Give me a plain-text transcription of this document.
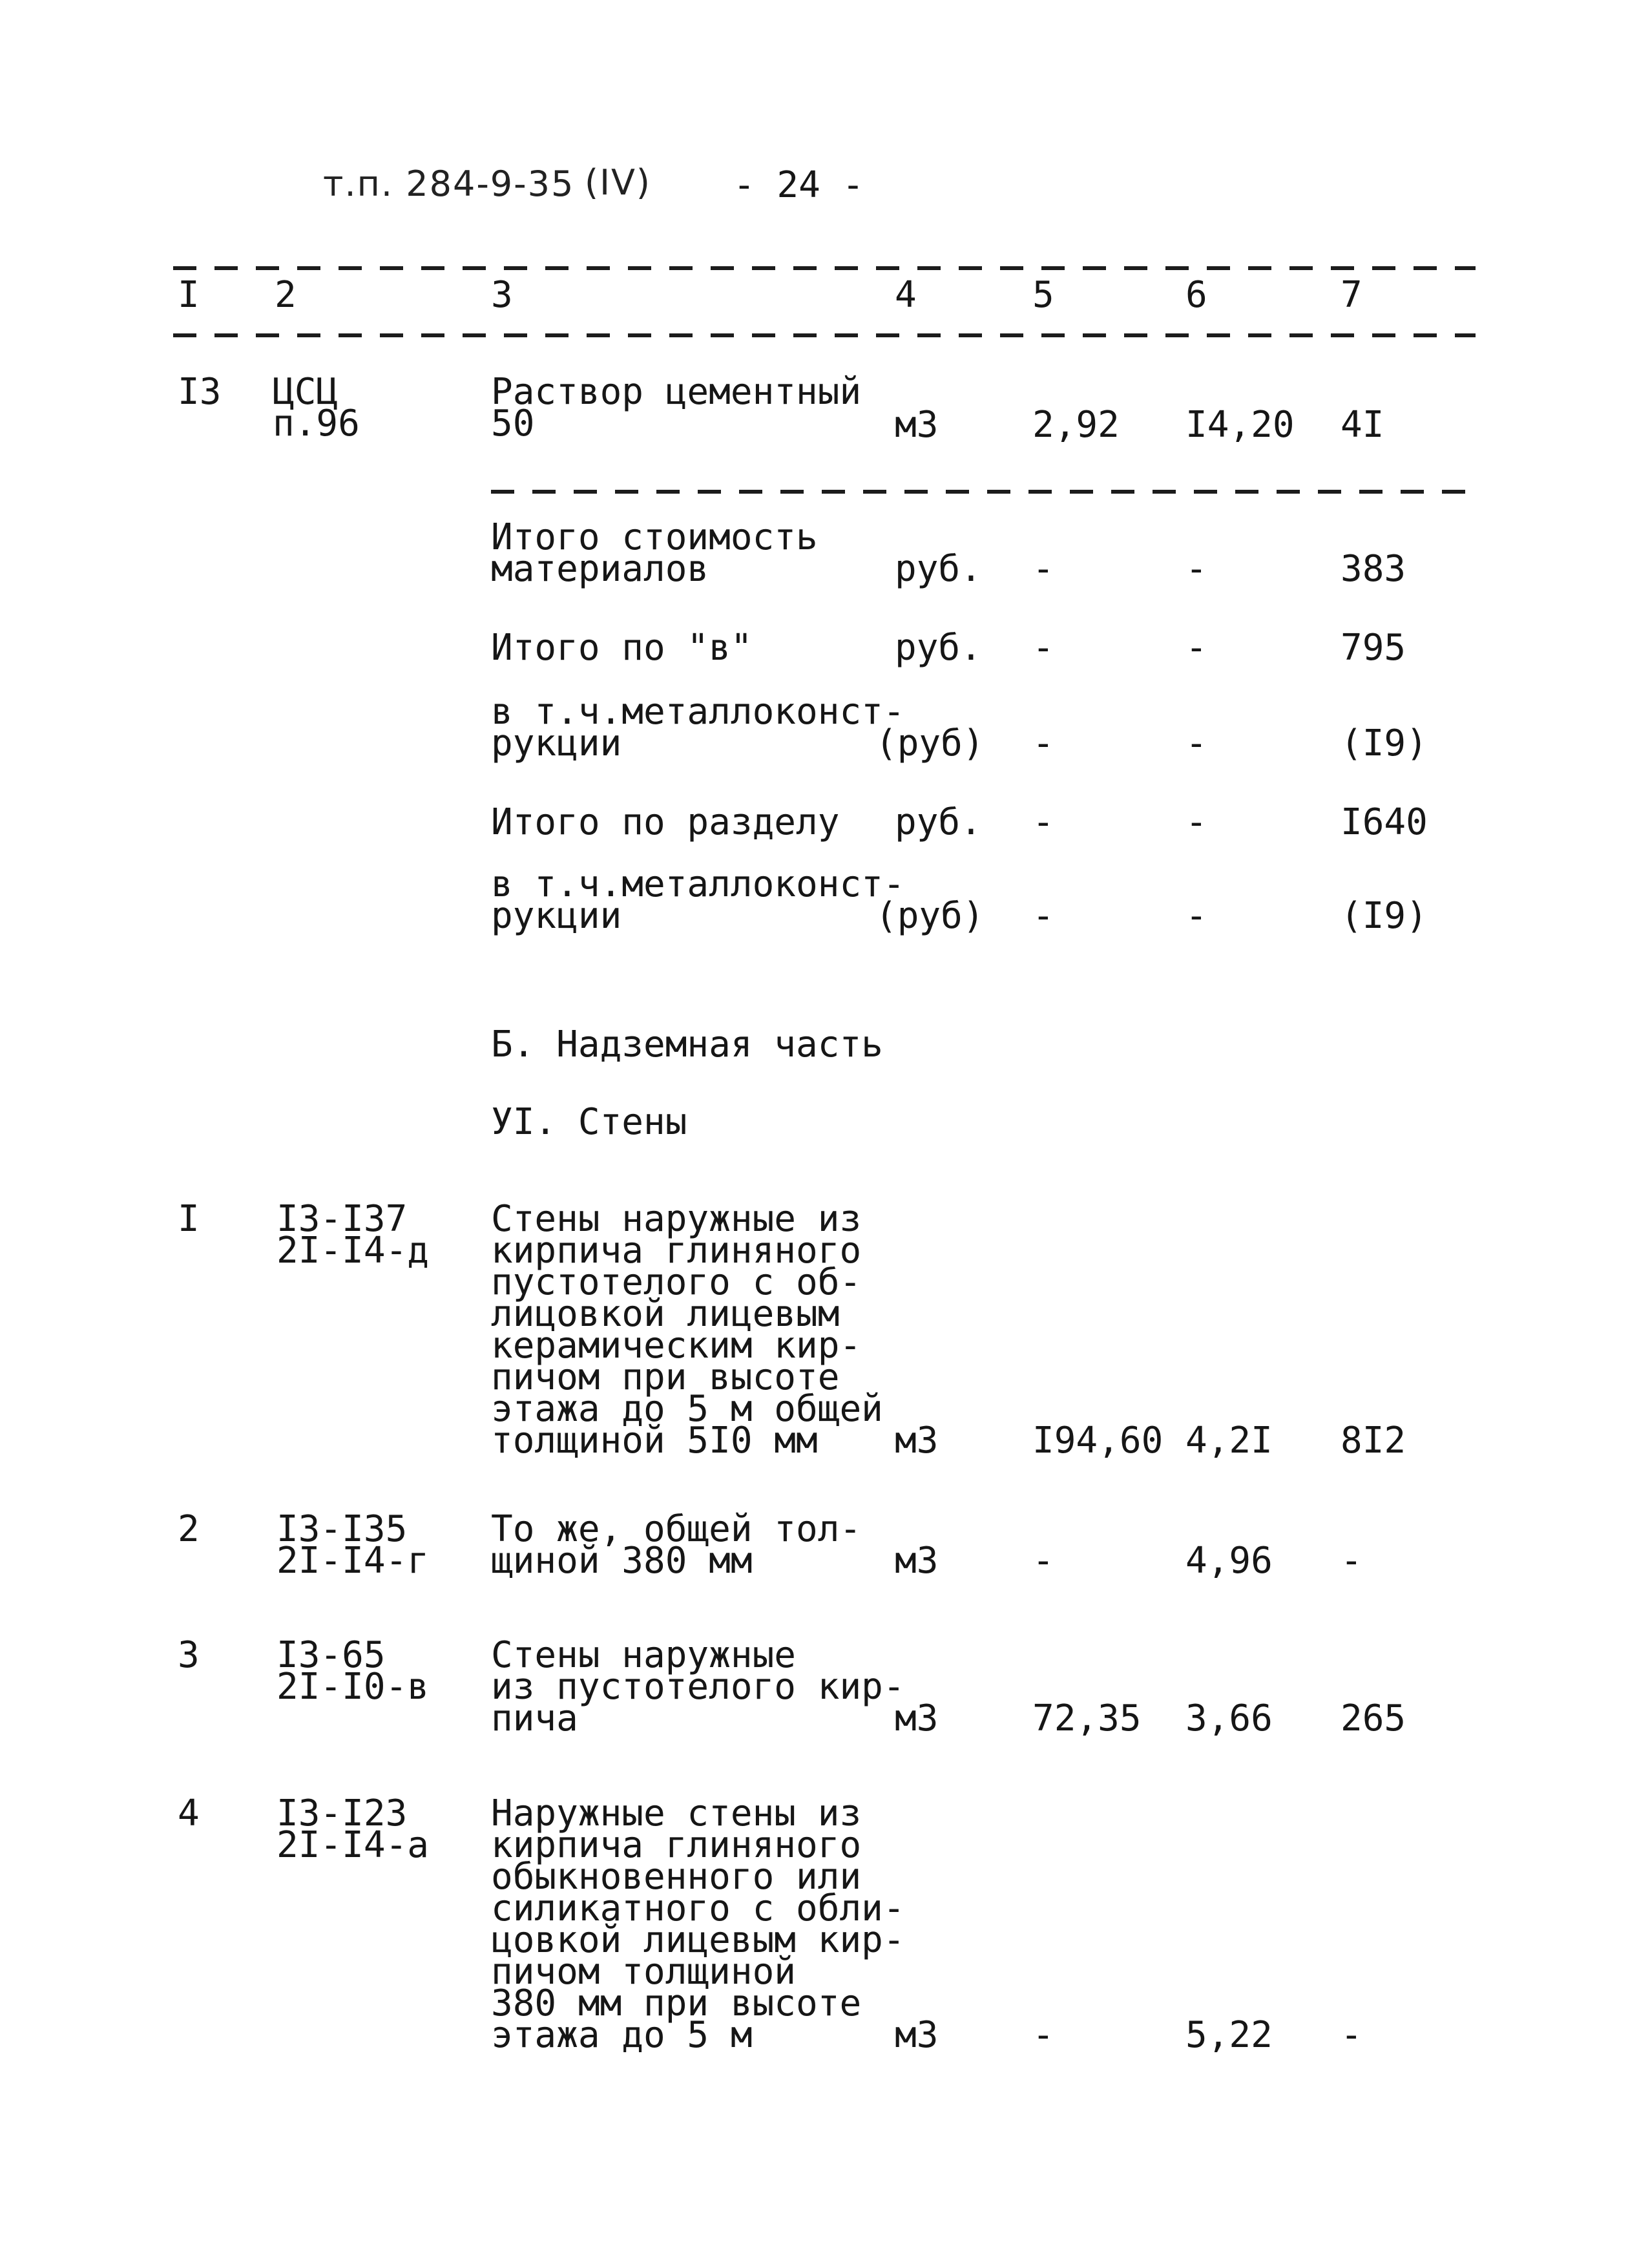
т.п. 284-9-35 (IV) - 24 -
I 2	3	4	5	6	7
I3 ЦСЦ
п.96
Раствор цементный
50	м3	2,92 I4,20 4I
Итого стоимость
материалов	руб. -	-	383
Итого по "в"	руб. -	-	795
в т.ч.металлоконст-
рукции	(руб) -	-	(I9)
Итого по разделу руб. -	-	I640
в т.ч.металлоконст-
рукции	(руб) -	-	(I9)
Б. Надземная часть
УI. Стены
I I3-I37
2I-I4-д
Стены наружные из
кирпича глиняного
пустотелого с об-
лицовкой лицевым
керамическим кир-
пичом при высоте
этажа до 5 м общей
толщиной 5I0 мм м3	I94,60 4,2I 8I2
2 I3-I35
2I-I4-г
То же, общей тол-
щиной 380 мм	м3	-	4,96 -
3 I3-65
2I-I0-в
Стены наружные
из пустотелого кир-
пича	м3	72,35 3,66 265
4 I3-I23
2I-I4-а
Наружные стены из
кирпича глиняного
обыкновенного или
силикатного с обли-
цовкой лицевым кир-
пичом толщиной
380 мм при высоте
этажа до 5 м	м3	-	5,22 -
